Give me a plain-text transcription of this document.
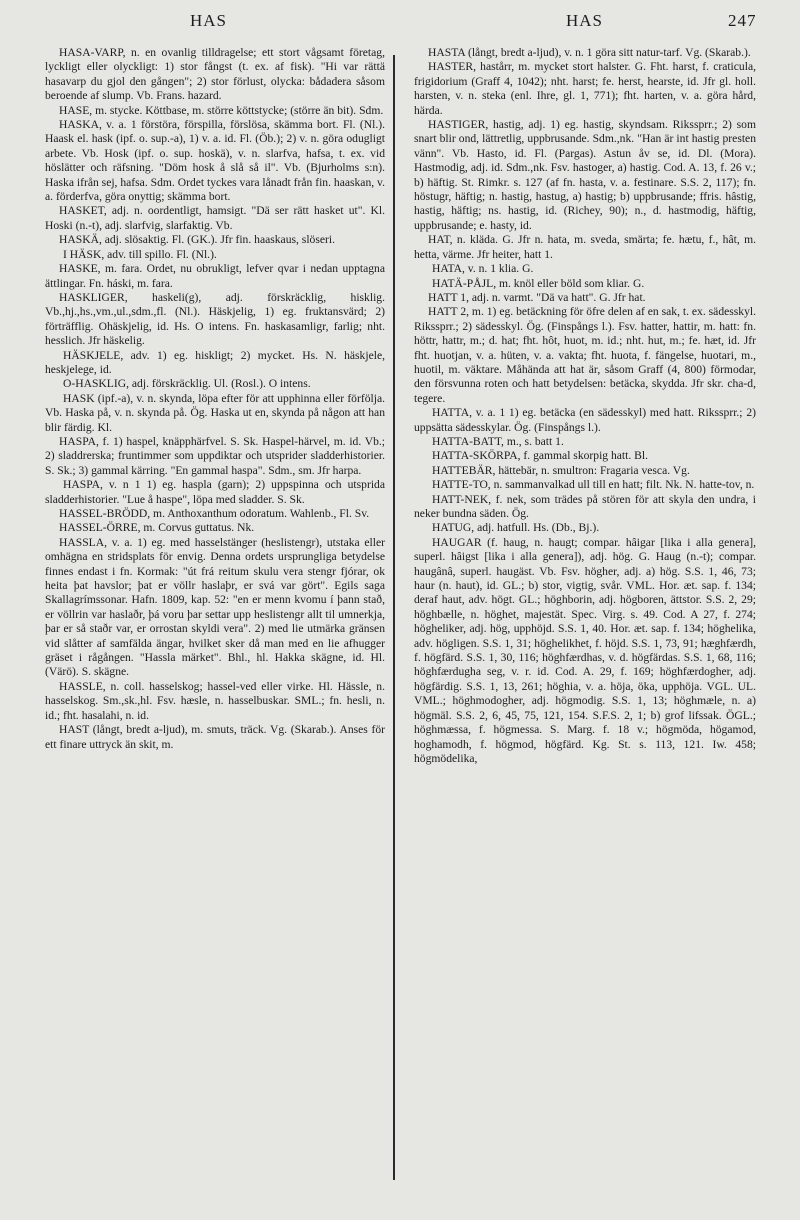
HAS	HAS	247

HASA-VARP, n. en ovanlig tilldragelse; ett stort vågsamt företag, lyckligt eller olyckligt: 1) stor fångst (t. ex. af fisk). "Hi var rättä hasavarp du gjol den gången"; 2) stor förlust, olycka: bådadera såsom beroende af slump. Vb. Frans. hazard.

HASE, m. stycke. Köttbase, m. större köttstycke; (större än bit). Sdm.

HASKA, v. a. 1 förstöra, förspilla, förslösa, skämma bort. Fl. (Nl.). Haask el. hask (ipf. o. sup.-a), 1) v. a. id. Fl. (Öb.); 2) v. n. göra odugligt arbete. Vb. Hosk (ipf. o. sup. hoskä), v. n. slarfva, hafsa, t. ex. vid höslätter och räfsning. "Döm hosk å slå så il". Vb. (Bjurholms s:n). Haska ifrån sej, hafsa. Sdm. Ordet tyckes vara lånadt från fin. haaskan, v. a. förderfva, göra onyttig; skämma bort.

HASKET, adj. n. oordentligt, hamsigt. "Dä ser rätt hasket ut". Kl. Hoski (n.-t), adj. slarfvig, slarfaktig. Vb.

HASKÄ, adj. slösaktig. Fl. (GK.). Jfr fin. haaskaus, slöseri.

I HÄSK, adv. till spillo. Fl. (Nl.).

HASKE, m. fara. Ordet, nu obrukligt, lefver qvar i nedan upptagna ättlingar. Fn. háski, m. fara.

HASKLIGER, haskeli(g), adj. förskräcklig, hisklig. Vb.,hj.,hs.,vm.,ul.,sdm.,fl. (Nl.). Häskjelig, 1) eg. fruktansvärd; 2) förträfflig. Ohäskjelig, id. Hs. O intens. Fn. haskasamligr, farlig; nht. hesslich. Jfr häskelig.

HÄSKJELE, adv. 1) eg. hiskligt; 2) mycket. Hs. N. häskjele, heskjelege, id.

O-HASKLIG, adj. förskräcklig. Ul. (Rosl.). O intens.

HASK (ipf.-a), v. n. skynda, löpa efter för att upphinna eller förfölja. Vb. Haska på, v. n. skynda på. Ög. Haska ut en, skynda på någon att han blir färdig. Kl.

HASPA, f. 1) haspel, knäpphärfvel. S. Sk. Haspel-härvel, m. id. Vb.; 2) sladdrerska; fruntimmer som uppdiktar och utsprider sladderhistorier. S. Sk.; 3) gammal kärring. "En gammal haspa". Sdm., sm. Jfr harpa.

HASPA, v. n 1 1) eg. haspla (garn); 2) uppspinna och utsprida sladderhistorier. "Lue å haspe", löpa med sladder. S. Sk.

HASSEL-BRÖDD, m. Anthoxanthum odoratum. Wahlenb., Fl. Sv.

HASSEL-ÖRRE, m. Corvus guttatus. Nk.

HASSLA, v. a. 1) eg. med hasselstänger (heslistengr), utstaka eller omhägna en stridsplats för envig. Denna ordets ursprungliga betydelse finnes endast i fn. Kormak: "út frá reitum skulu vera stengr fjórar, ok heita þat havslor; þat er völlr haslaþr, er svá var gört". Egils saga Skallagrímssonar. Hafn. 1809, kap. 52: "en er menn kvomu í þann stað, er völlrin var haslaðr, þá voru þar settar upp heslistengr allt til umnerkja, þar er så staðr var, er orrostan skyldi vera". 2) med lie utmärka gränsen vid slåtter af samfälda ängar, hvilket sker då man med en lie afhugger gräset i rågången. "Hassla märket". Bhl., hl. Hakka skägne, id. Hl. (Värö). S. skägne.

HASSLE, n. coll. hasselskog; hassel-ved eller virke. Hl. Hässle, n. hasselskog. Sm.,sk.,hl. Fsv. hæsle, n. hasselbuskar. SML.; fn. hesli, n. id.; fht. hasalahi, n. id.

HAST (långt, bredt a-ljud), m. smuts, träck. Vg. (Skarab.). Anses för ett finare uttryck än skit, m.

HASTA (långt, bredt a-ljud), v. n. 1 göra sitt natur-tarf. Vg. (Skarab.).

HASTER, hastårr, m. mycket stort halster. G. Fht. harst, f. craticula, frigidorium (Graff 4, 1042); nht. harst; fe. herst, hearste, id. Jfr gl. holl. harsten, v. n. steka (enl. Ihre, gl. 1, 771); fht. harten, v. a. göra hård, härda.

HASTIGER, hastig, adj. 1) eg. hastig, skyndsam. Rikssprr.; 2) som snart blir ond, lättretlig, uppbrusande. Sdm.,nk. "Han är int hastig presten vänn". Vb. Hasto, id. Fl. (Pargas). Astun åv se, id. Dl. (Mora). Hastmodig, adj. id. Sdm.,nk. Fsv. hastoger, a) hastig. Cod. A. 13, f. 26 v.; b) häftig. St. Rimkr. s. 127 (af fn. hasta, v. a. festinare. S.S. 2, 117); fn. höstugr, häftig; n. hastig, hastug, a) hastig; b) uppbrusande; ffris. hâstig, hastig, häftig; ns. hastig, id. (Richey, 90); n., d. hastmodig, häftig, uppbrusande; e. hasty, id.

HAT, n. kläda. G. Jfr n. hata, m. sveda, smärta; fe. hætu, f., hât, m. hetta, värme. Jfr heiter, hatt 1.

HATA, v. n. 1 klia. G.

HATÄ-PÅJL, m. knöl eller böld som kliar. G.

HATT 1, adj. n. varmt. "Dä va hatt". G. Jfr hat.

HATT 2, m. 1) eg. betäckning för öfre delen af en sak, t. ex. sädesskyl. Rikssprr.; 2) sädesskyl. Ög. (Finspångs l.). Fsv. hatter, hattir, m. hatt: fn. höttr, hattr, m.; d. hat; fht. hôt, huot, m. id.; nht. hut, m.; fe. hæt, id. Jfr fht. huotjan, v. a. hüten, v. a. vakta; fht. huota, f. fängelse, huotari, m., huotil, m. väktare. Måhända att hat är, såsom Graff (4, 800) förmodar, den försvunna roten och hatt betydelsen: betäcka, skydda. Jfr skr. cha-d, tegere.

HATTA, v. a. 1 1) eg. betäcka (en sädesskyl) med hatt. Rikssprr.; 2) uppsätta sädesskylar. Ög. (Finspångs l.).

HATTA-BATT, m., s. batt 1.

HATTA-SKÖRPA, f. gammal skorpig hatt. Bl.

HATTEBÄR, hättebär, n. smultron: Fragaria vesca. Vg.

HATTE-TO, n. sammanvalkad ull till en hatt; filt. Nk. N. hatte-tov, n.

HATT-NEK, f. nek, som trädes på stören för att skyla den undra, i neker bundna säden. Ög.

HATUG, adj. hatfull. Hs. (Db., Bj.).

HAUGAR (f. haug, n. haugt; compar. hâigar [lika i alla genera], superl. hâigst [lika i alla genera]), adj. hög. G. Haug (n.-t); compar. haugânâ, superl. haugäst. Vb. Fsv. högher, adj. a) hög. S.S. 1, 46, 73; haur (n. haut), id. GL.; b) stor, vigtig, svår. VML. Hor. æt. sap. f. 134; deraf haut, adv. högt. GL.; höghborin, adj. högboren, ättstor. S.S. 2, 29; höghbælle, n. höghet, majestät. Spec. Virg. s. 49. Cod. A 27, f. 274; högheliker, adj. hög, upphöjd. S.S. 1, 40. Hor. æt. sap. f. 134; höghelika, adv. högligen. S.S. 1, 31; höghelikhet, f. höjd. S.S. 1, 73, 91; hæghfærdh, f. högfärd. S.S. 1, 30, 116; höghfærdhas, v. d. högfärdas. S.S. 1, 68, 116; höghfærdugha seg, v. r. id. Cod. A. 29, f. 169; höghfærdogher, adj. högfärdig. S.S. 1, 13, 261; höghia, v. a. höja, öka, upphöja. VGL. UL. VML.; höghmodogher, adj. högmodig. S.S. 1, 13; höghmæle, n. a) högmäl. S.S. 2, 6, 45, 75, 121, 154. S.F.S. 2, 1; b) grof lifssak. ÖGL.; höghmæssa, f. högmessa. S. Marg. f. 18 v.; högmöda, högamod, hoghamodh, f. högmod, högfärd. Kg. St. s. 113, 121. Iw. 458; högmödelika,
